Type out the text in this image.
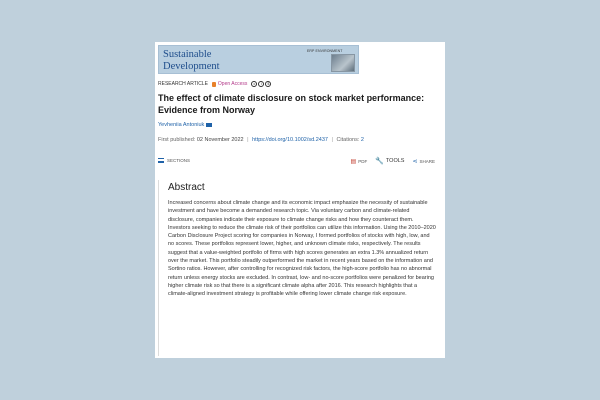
Sustainable
Development
ERP ENVIRONMENT
RESEARCH ARTICLE Open Access	c	i	$
The effect of climate disclosure on stock market performance: Evidence from Norway
Yevheniia Antoniuk
First published: 02 November 2022 | https://doi.org/10.1002/sd.2437 | Citations: 2
SECTIONS	▤ PDF 🔧 TOOLS ⋖ SHARE
Abstract

Increased concerns about climate change and its economic impact emphasize the necessity of sustainable investment and have become a demanded research topic. Via voluntary carbon and climate-related disclosure, companies indicate their exposure to climate change risks and how they counteract them. Investors seeking to reduce the climate risk of their portfolios can utilize this information. Using the 2010–2020 Carbon Disclosure Project scoring for companies in Norway, I formed portfolios of stocks with high, low, and no scores. These portfolios represent lower, higher, and unknown climate risks, respectively. The results suggest that a value-weighted portfolio of firms with high scores generates an extra 1.3% annualized return over the market. This portfolio steadily outperformed the market in recent years based on the information and Sortino ratios. However, after controlling for recognized risk factors, the high-score portfolio has no abnormal return unless energy stocks are excluded. In contrast, low- and no-score portfolios were penalized for bearing higher climate risk so that there is a significant climate alpha after 2016. This research highlights that a climate-aligned investment strategy is profitable while offering lower climate change risk exposure.
